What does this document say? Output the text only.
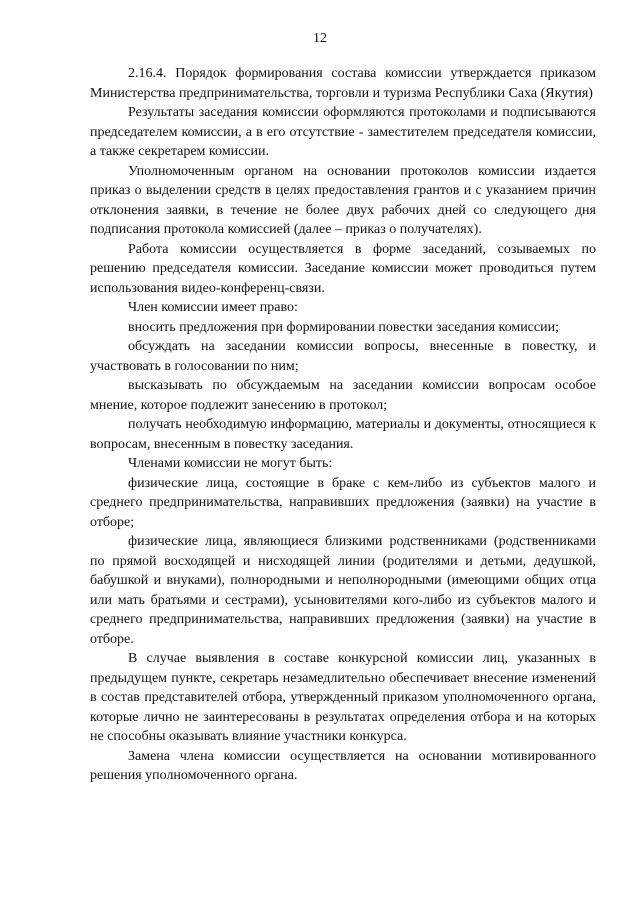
12

2.16.4. Порядок формирования состава комиссии утверждается приказом Министерства предпринимательства, торговли и туризма Республики Саха (Якутия)

Результаты заседания комиссии оформляются протоколами и подписываются председателем комиссии, а в его отсутствие - заместителем председателя комиссии, а также секретарем комиссии.

Уполномоченным органом на основании протоколов комиссии издается приказ о выделении средств в целях предоставления грантов и с указанием причин отклонения заявки, в течение не более двух рабочих дней со следующего дня подписания протокола комиссией (далее – приказ о получателях).

Работа комиссии осуществляется в форме заседаний, созываемых по решению председателя комиссии. Заседание комиссии может проводиться путем использования видео-конференц-связи.

Член комиссии имеет право:

вносить предложения при формировании повестки заседания комиссии;

обсуждать на заседании комиссии вопросы, внесенные в повестку, и участвовать в голосовании по ним;

высказывать по обсуждаемым на заседании комиссии вопросам особое мнение, которое подлежит занесению в протокол;

получать необходимую информацию, материалы и документы, относящиеся к вопросам, внесенным в повестку заседания.

Членами комиссии не могут быть:

физические лица, состоящие в браке с кем-либо из субъектов малого и среднего предпринимательства, направивших предложения (заявки) на участие в отборе;

физические лица, являющиеся близкими родственниками (родственниками по прямой восходящей и нисходящей линии (родителями и детьми, дедушкой, бабушкой и внуками), полнородными и неполнородными (имеющими общих отца или мать братьями и сестрами), усыновителями кого-либо из субъектов малого и среднего предпринимательства, направивших предложения (заявки) на участие в отборе.

В случае выявления в составе конкурсной комиссии лиц, указанных в предыдущем пункте, секретарь незамедлительно обеспечивает внесение изменений в состав представителей отбора, утвержденный приказом уполномоченного органа, которые лично не заинтересованы в результатах определения отбора и на которых не способны оказывать влияние участники конкурса.

Замена члена комиссии осуществляется на основании мотивированного решения уполномоченного органа.
